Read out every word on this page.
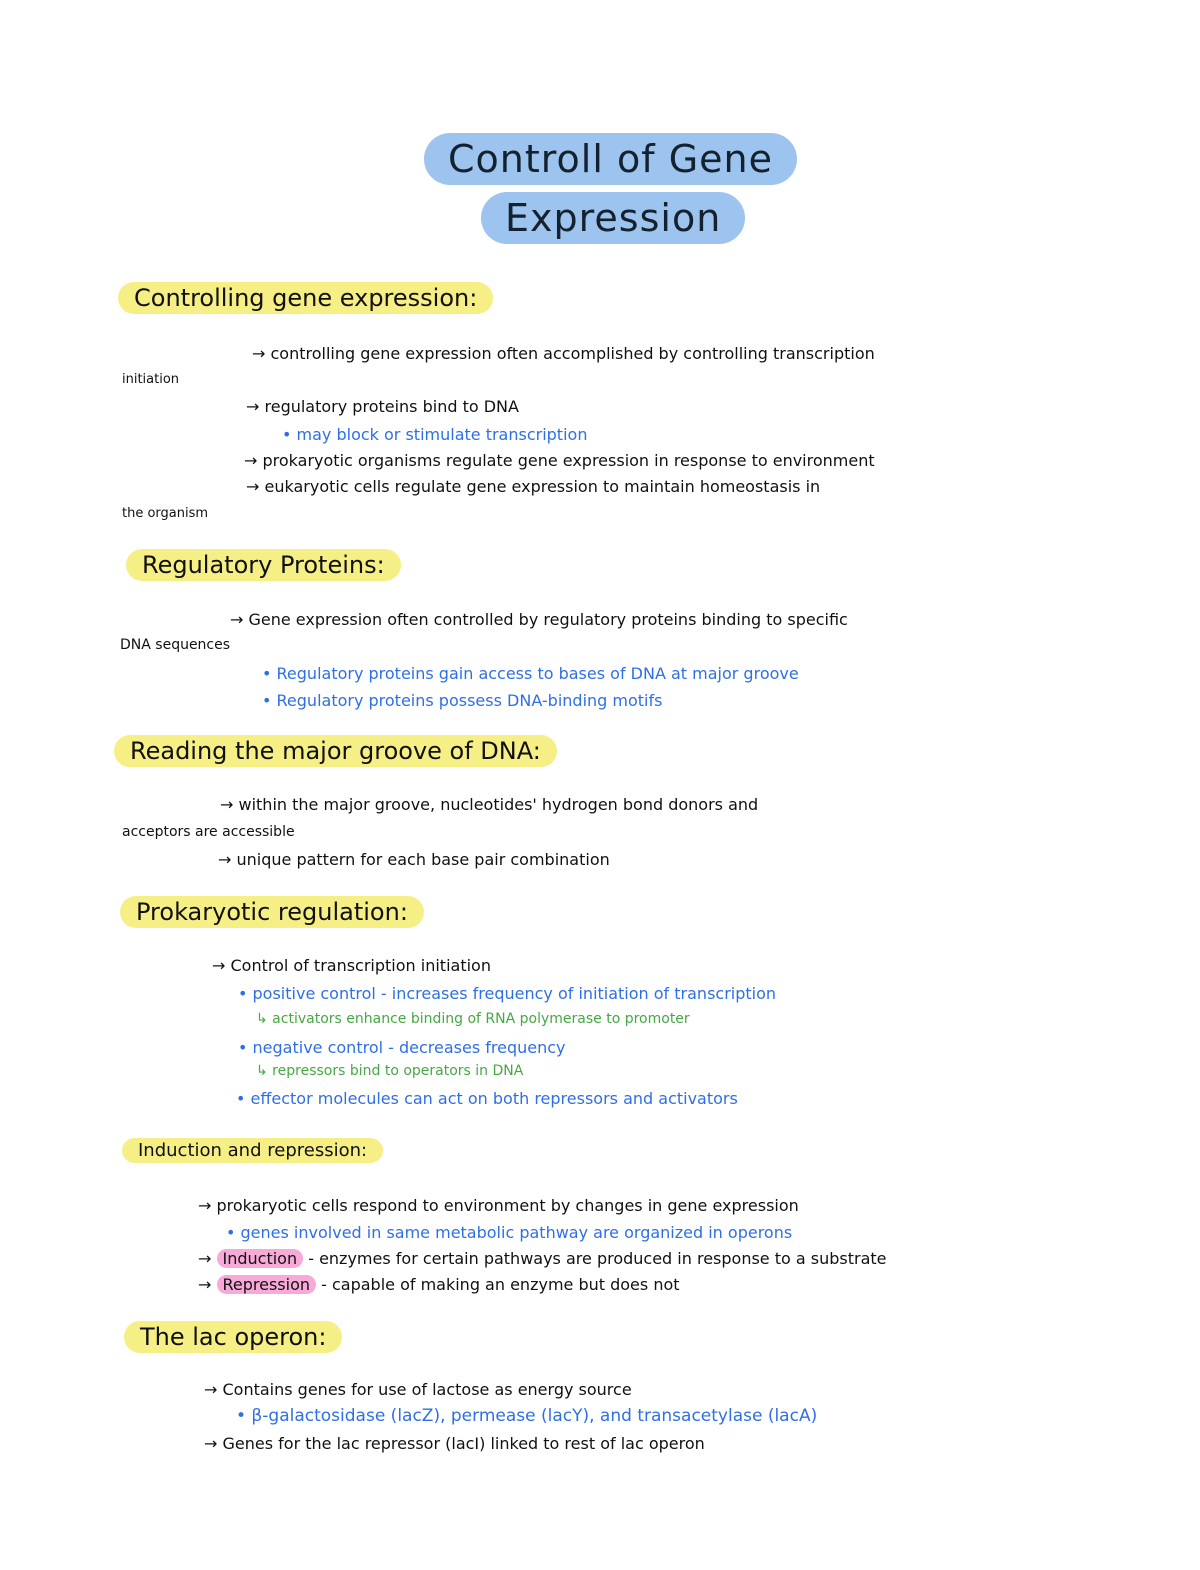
Controll of Gene
Expression
Controlling gene expression:
→ controlling gene expression often accomplished by controlling transcription
initiation
→ regulatory proteins bind to DNA
• may block or stimulate transcription
→ prokaryotic organisms regulate gene expression in response to environment
→ eukaryotic cells regulate gene expression to maintain homeostasis in
the organism
Regulatory Proteins:
→ Gene expression often controlled by regulatory proteins binding to specific
DNA sequences
• Regulatory proteins gain access to bases of DNA at major groove
• Regulatory proteins possess DNA-binding motifs
Reading the major groove of DNA:
→ within the major groove, nucleotides' hydrogen bond donors and
acceptors are accessible
→ unique pattern for each base pair combination
Prokaryotic regulation:
→ Control of transcription initiation
• positive control - increases frequency of initiation of transcription
↳ activators enhance binding of RNA polymerase to promoter
• negative control - decreases frequency
↳ repressors bind to operators in DNA
• effector molecules can act on both repressors and activators
Induction and repression:
→ prokaryotic cells respond to environment by changes in gene expression
• genes involved in same metabolic pathway are organized in operons
→ Induction - enzymes for certain pathways are produced in response to a substrate
→ Repression - capable of making an enzyme but does not
The lac operon:
→ Contains genes for use of lactose as energy source
• β-galactosidase (lacZ), permease (lacY), and transacetylase (lacA)
→ Genes for the lac repressor (lacI) linked to rest of lac operon
